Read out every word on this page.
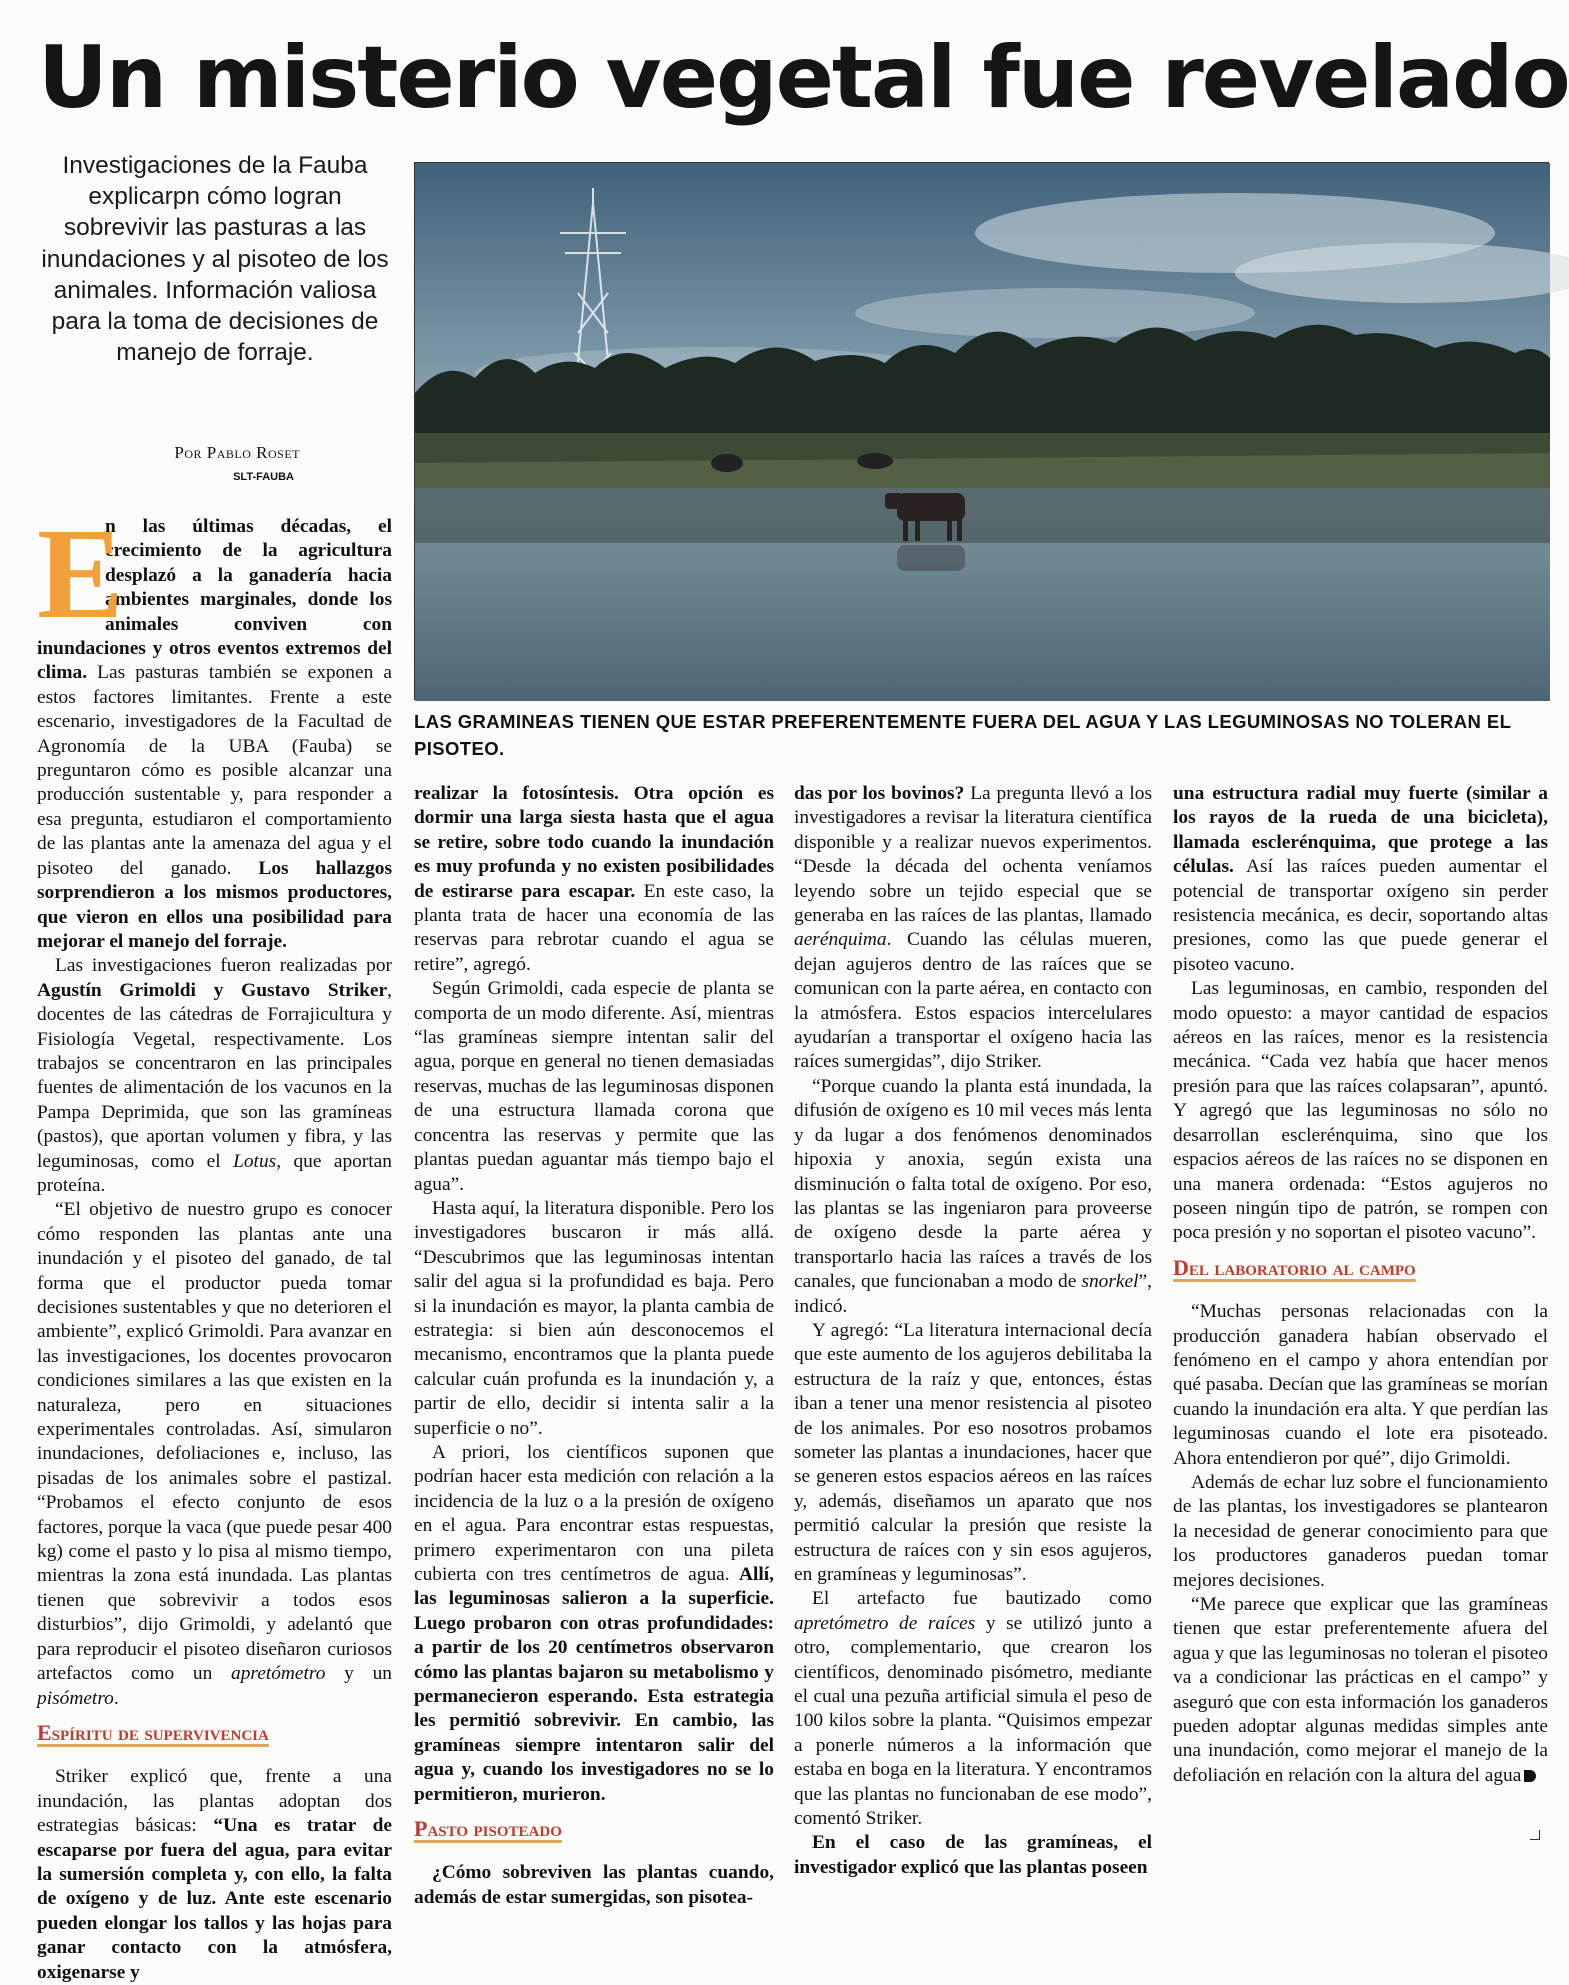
Un misterio vegetal fue revelado
Investigaciones de la Fauba explicarpn cómo logran sobrevivir las pasturas a las inundaciones y al pisoteo de los animales. Información valiosa para la toma de decisiones de manejo de forraje.
Por Pablo Roset
SLT-FAUBA
LAS GRAMINEAS TIENEN QUE ESTAR PREFERENTEMENTE FUERA DEL AGUA Y LAS LEGUMINOSAS NO TOLERAN EL PISOTEO.

E
n las últimas décadas, el crecimiento de la agricultura desplazó a la ganadería hacia ambientes marginales, donde los animales conviven con inundaciones y otros eventos extremos del clima. Las pasturas también se exponen a estos factores limitantes. Frente a este escenario, investigadores de la Facultad de Agronomía de la UBA (Fauba) se preguntaron cómo es posible alcanzar una producción sustentable y, para responder a esa pregunta, estudiaron el comportamiento de las plantas ante la amenaza del agua y el pisoteo del ganado. Los hallazgos sorprendieron a los mismos productores, que vieron en ellos una posibilidad para mejorar el manejo del forraje.

Las investigaciones fueron realizadas por Agustín Grimoldi y Gustavo Striker, docentes de las cátedras de Forrajicultura y Fisiología Vegetal, respectivamente. Los trabajos se concentraron en las principales fuentes de alimentación de los vacunos en la Pampa Deprimida, que son las gramíneas (pastos), que aportan volumen y fibra, y las leguminosas, como el Lotus, que aportan proteína.

“El objetivo de nuestro grupo es conocer cómo responden las plantas ante una inundación y el pisoteo del ganado, de tal forma que el productor pueda tomar decisiones sustentables y que no deterioren el ambiente”, explicó Grimoldi. Para avanzar en las investigaciones, los docentes provocaron condiciones similares a las que existen en la naturaleza, pero en situaciones experimentales controladas. Así, simularon inundaciones, defoliaciones e, incluso, las pisadas de los animales sobre el pastizal. “Probamos el efecto conjunto de esos factores, porque la vaca (que puede pesar 400 kg) come el pasto y lo pisa al mismo tiempo, mientras la zona está inundada. Las plantas tienen que sobrevivir a todos esos disturbios”, dijo Grimoldi, y adelantó que para reproducir el pisoteo diseñaron curiosos artefactos como un apretómetro y un pisómetro.

Espíritu de supervivencia

Striker explicó que, frente a una inundación, las plantas adoptan dos estrategias básicas: “Una es tratar de escaparse por fuera del agua, para evitar la sumersión completa y, con ello, la falta de oxígeno y de luz. Ante este escenario pueden elongar los tallos y las hojas para ganar contacto con la atmósfera, oxigenarse y

realizar la fotosíntesis. Otra opción es dormir una larga siesta hasta que el agua se retire, sobre todo cuando la inundación es muy profunda y no existen posibilidades de estirarse para escapar. En este caso, la planta trata de hacer una economía de las reservas para rebrotar cuando el agua se retire”, agregó.

Según Grimoldi, cada especie de planta se comporta de un modo diferente. Así, mientras “las gramíneas siempre intentan salir del agua, porque en general no tienen demasiadas reservas, muchas de las leguminosas disponen de una estructura llamada corona que concentra las reservas y permite que las plantas puedan aguantar más tiempo bajo el agua”.

Hasta aquí, la literatura disponible. Pero los investigadores buscaron ir más allá. “Descubrimos que las leguminosas intentan salir del agua si la profundidad es baja. Pero si la inundación es mayor, la planta cambia de estrategia: si bien aún desconocemos el mecanismo, encontramos que la planta puede calcular cuán profunda es la inundación y, a partir de ello, decidir si intenta salir a la superficie o no”.

A priori, los científicos suponen que podrían hacer esta medición con relación a la incidencia de la luz o a la presión de oxígeno en el agua. Para encontrar estas respuestas, primero experimentaron con una pileta cubierta con tres centímetros de agua. Allí, las leguminosas salieron a la superficie. Luego probaron con otras profundidades: a partir de los 20 centímetros observaron cómo las plantas bajaron su metabolismo y permanecieron esperando. Esta estrategia les permitió sobrevivir. En cambio, las gramíneas siempre intentaron salir del agua y, cuando los investigadores no se lo permitieron, murieron.

Pasto pisoteado

¿Cómo sobreviven las plantas cuando, además de estar sumergidas, son pisotea-

das por los bovinos? La pregunta llevó a los investigadores a revisar la literatura científica disponible y a realizar nuevos experimentos. “Desde la década del ochenta veníamos leyendo sobre un tejido especial que se generaba en las raíces de las plantas, llamado aerénquima. Cuando las células mueren, dejan agujeros dentro de las raíces que se comunican con la parte aérea, en contacto con la atmósfera. Estos espacios intercelulares ayudarían a transportar el oxígeno hacia las raíces sumergidas”, dijo Striker.

“Porque cuando la planta está inundada, la difusión de oxígeno es 10 mil veces más lenta y da lugar a dos fenómenos denominados hipoxia y anoxia, según exista una disminución o falta total de oxígeno. Por eso, las plantas se las ingeniaron para proveerse de oxígeno desde la parte aérea y transportarlo hacia las raíces a través de los canales, que funcionaban a modo de snorkel”, indicó.

Y agregó: “La literatura internacional decía que este aumento de los agujeros debilitaba la estructura de la raíz y que, entonces, éstas iban a tener una menor resistencia al pisoteo de los animales. Por eso nosotros probamos someter las plantas a inundaciones, hacer que se generen estos espacios aéreos en las raíces y, además, diseñamos un aparato que nos permitió calcular la presión que resiste la estructura de raíces con y sin esos agujeros, en gramíneas y leguminosas”.

El artefacto fue bautizado como apretómetro de raíces y se utilizó junto a otro, complementario, que crearon los científicos, denominado pisómetro, mediante el cual una pezuña artificial simula el peso de 100 kilos sobre la planta. “Quisimos empezar a ponerle números a la información que estaba en boga en la literatura. Y encontramos que las plantas no funcionaban de ese modo”, comentó Striker.

En el caso de las gramíneas, el investigador explicó que las plantas poseen

una estructura radial muy fuerte (similar a los rayos de la rueda de una bicicleta), llamada esclerénquima, que protege a las células. Así las raíces pueden aumentar el potencial de transportar oxígeno sin perder resistencia mecánica, es decir, soportando altas presiones, como las que puede generar el pisoteo vacuno.

Las leguminosas, en cambio, responden del modo opuesto: a mayor cantidad de espacios aéreos en las raíces, menor es la resistencia mecánica. “Cada vez había que hacer menos presión para que las raíces colapsaran”, apuntó. Y agregó que las leguminosas no sólo no desarrollan esclerénquima, sino que los espacios aéreos de las raíces no se disponen en una manera ordenada: “Estos agujeros no poseen ningún tipo de patrón, se rompen con poca presión y no soportan el pisoteo vacuno”.

Del laboratorio al campo

“Muchas personas relacionadas con la producción ganadera habían observado el fenómeno en el campo y ahora entendían por qué pasaba. Decían que las gramíneas se morían cuando la inundación era alta. Y que perdían las leguminosas cuando el lote era pisoteado. Ahora entendieron por qué”, dijo Grimoldi.

Además de echar luz sobre el funcionamiento de las plantas, los investigadores se plantearon la necesidad de generar conocimiento para que los productores ganaderos puedan tomar mejores decisiones.

“Me parece que explicar que las gramíneas tienen que estar preferentemente afuera del agua y que las leguminosas no toleran el pisoteo va a condicionar las prácticas en el campo” y aseguró que con esta información los ganaderos pueden adoptar algunas medidas simples ante una inundación, como mejorar el manejo de la defoliación en relación con la altura del agua
